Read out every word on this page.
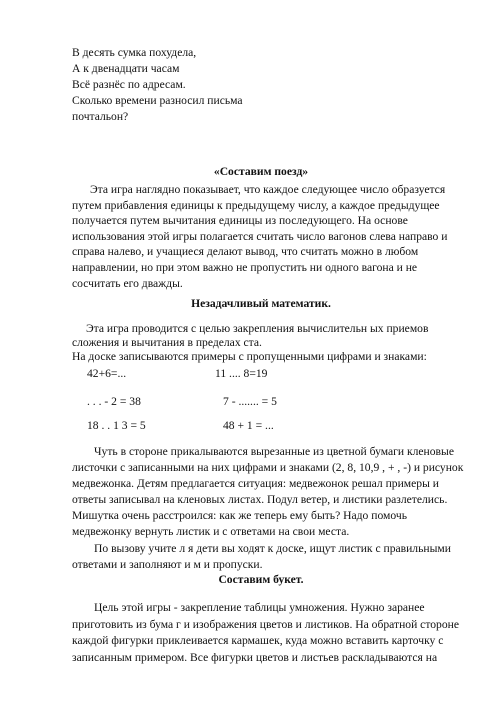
В десять сумка похудела,
А к двенадцати часам
Всё разнёс по адресам.
Сколько времени разносил письма
почтальон?
«Составим поезд»
Эта игра наглядно показывает, что каждое следующее число образуется
путем прибавления единицы к предыдущему числу, а каждое предыдущее
получается путем вычитания единицы из последующего. На основе
использования этой игры полагается считать число вагонов слева направо и
справа налево, и учащиеся делают вывод, что считать можно в любом
направлении, но при этом важно не пропустить ни одного вагона и не
сосчитать его дважды.
Незадачливый математик.
Эта игра проводится с целью закрепления вычислительн ых приемов
сложения и вычитания в пределах ста.
На доске записываются примеры с пропущенными цифрами и знаками:
42+6=...	11 .... 8=19
. . . - 2 = 38	7 - ....... = 5
18 . . 1 3 = 5	48 + 1 = ...
Чуть в стороне прикалываются вырезанные из цветной бумаги кленовые
листочки с записанными на них цифрами и знаками (2, 8, 10,9 , + , -) и рисунок
медвежонка. Детям предлагается ситуация: медвежонок решал примеры и
ответы записывал на кленовых листах. Подул ветер, и листики разлетелись.
Мишутка очень расстроился: как же теперь ему быть? Надо помочь
медвежонку вернуть листик и с ответами на свои места.
По вызову учите л я дети вы ходят к доске, ищут листик с правильными
ответами и заполняют и м и пропуски.
Составим букет.
Цель этой игры - закрепление таблицы умножения. Нужно заранее
приготовить из бума г и изображения цветов и листиков. На обратной стороне
каждой фигурки приклеивается кармашек, куда можно вставить карточку с
записанным примером. Все фигурки цветов и листьев раскладываются на
